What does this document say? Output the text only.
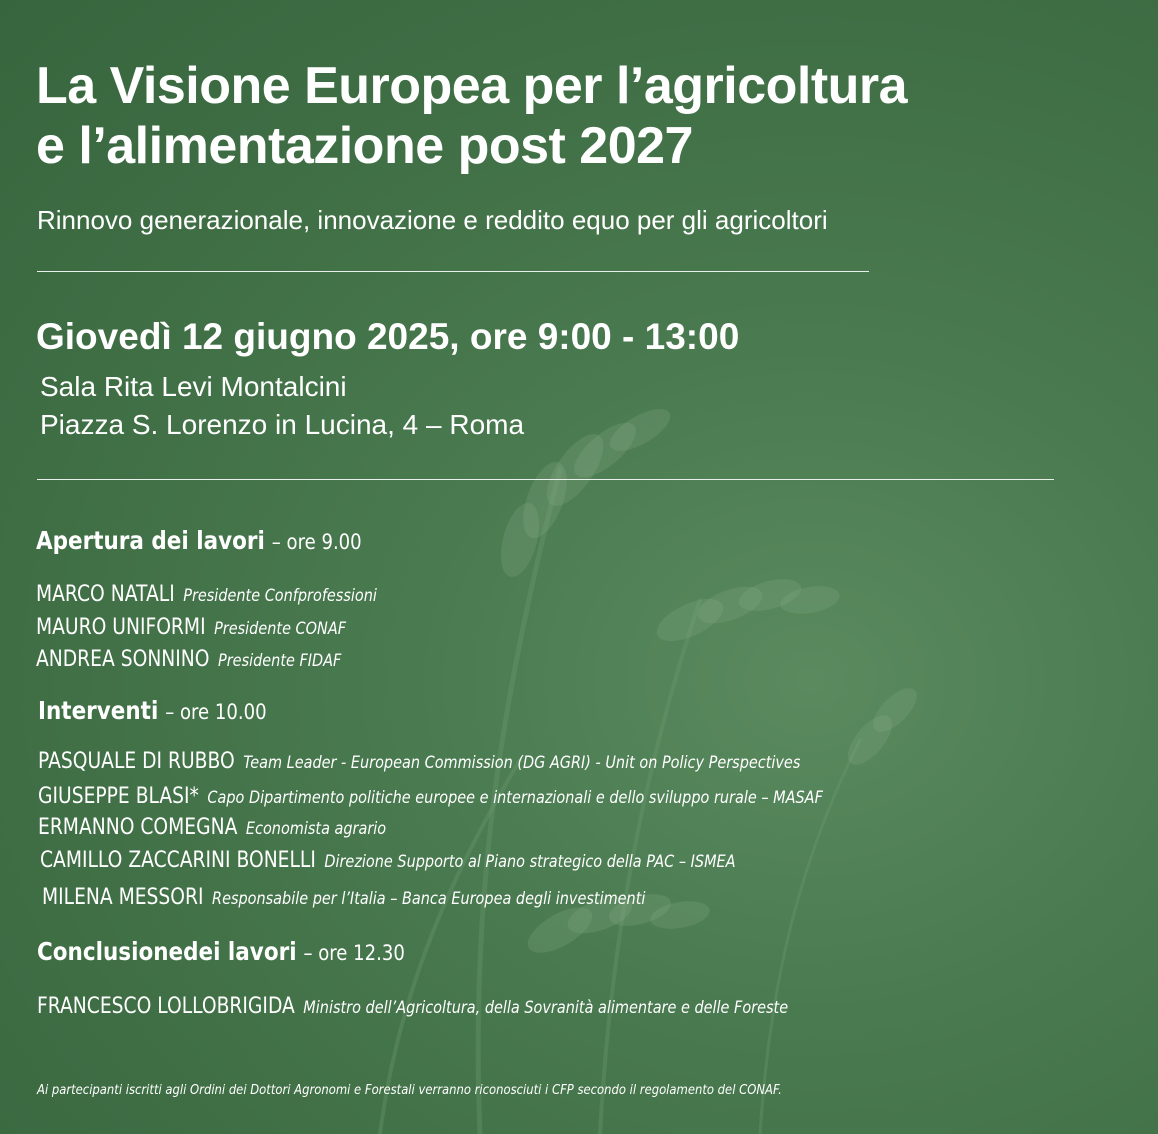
La Visione Europea per l’agricoltura
e l’alimentazione post 2027

Rinnovo generazionale, innovazione e reddito equo per gli agricoltori

Giovedì 12 giugno 2025, ore 9:00 - 13:00
Sala Rita Levi Montalcini
Piazza S. Lorenzo in Lucina, 4 – Roma
Apertura dei lavori – ore 9.00
MARCO NATALI Presidente Confprofessioni
MAURO UNIFORMI Presidente CONAF
ANDREA SONNINO Presidente FIDAF
Interventi – ore 10.00
PASQUALE DI RUBBO Team Leader - European Commission (DG AGRI) - Unit on Policy Perspectives
GIUSEPPE BLASI* Capo Dipartimento politiche europee e internazionali e dello sviluppo rurale – MASAF
ERMANNO COMEGNA Economista agrario
CAMILLO ZACCARINI BONELLI Direzione Supporto al Piano strategico della PAC – ISMEA
MILENA MESSORI Responsabile per l’Italia – Banca Europea degli investimenti
Conclusionedei lavori – ore 12.30
FRANCESCO LOLLOBRIGIDA Ministro dell’Agricoltura, della Sovranità alimentare e delle Foreste
Ai partecipanti iscritti agli Ordini dei Dottori Agronomi e Forestali verranno riconosciuti i CFP secondo il regolamento del CONAF.
